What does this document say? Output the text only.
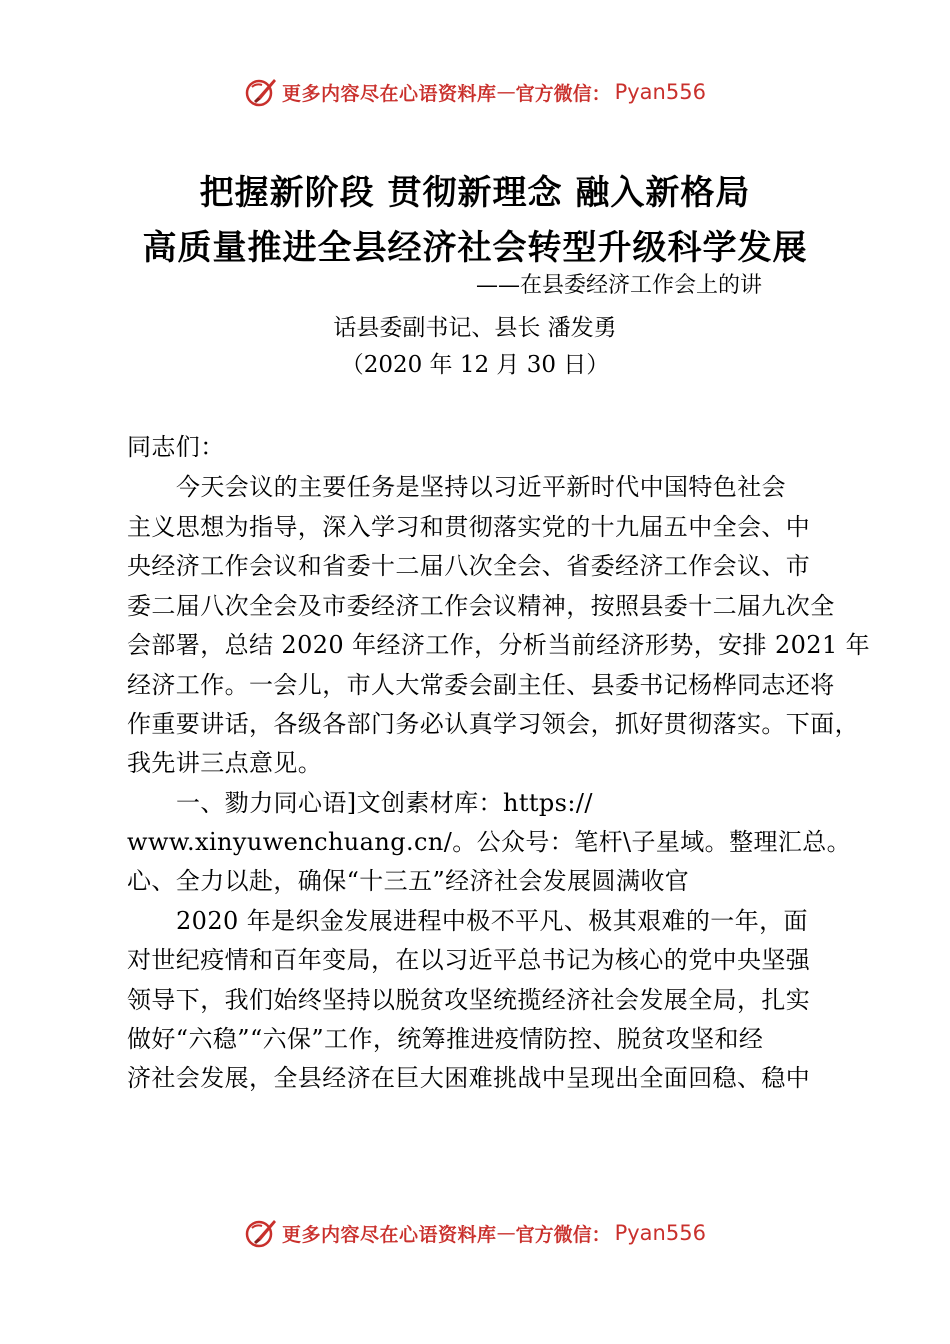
更多内容尽在心语资料库 — 官方微信： Pyan556
把握新阶段 贯彻新理念 融入新格局
高质量推进全县经济社会转型升级科学发展
——在县委经济工作会上的讲
话县委副书记、县长 潘发勇
（2020 年 12 月 30 日）
同志们：
今天会议的主要任务是坚持以习近平新时代中国特色社会
主义思想为指导，深入学习和贯彻落实党的十九届五中全会、中
央经济工作会议和省委十二届八次全会、省委经济工作会议、市
委二届八次全会及市委经济工作会议精神，按照县委十二届九次全
会部署，总结 2020 年经济工作，分析当前经济形势，安排 2021 年
经济工作。一会儿，市人大常委会副主任、县委书记杨桦同志还将
作重要讲话，各级各部门务必认真学习领会，抓好贯彻落实。下面，
我先讲三点意见。
一、勠力同心语]文创素材库：https://
www.xinyuwenchuang.cn/。公众号：笔杆\子星域。整理汇总。
心、全力以赴，确保“十三五”经济社会发展圆满收官
2020 年是织金发展进程中极不平凡、极其艰难的一年，面
对世纪疫情和百年变局，在以习近平总书记为核心的党中央坚强
领导下，我们始终坚持以脱贫攻坚统揽经济社会发展全局，扎实
做好“六稳”“六保”工作，统筹推进疫情防控、脱贫攻坚和经
济社会发展，全县经济在巨大困难挑战中呈现出全面回稳、稳中
更多内容尽在心语资料库 — 官方微信： Pyan556
